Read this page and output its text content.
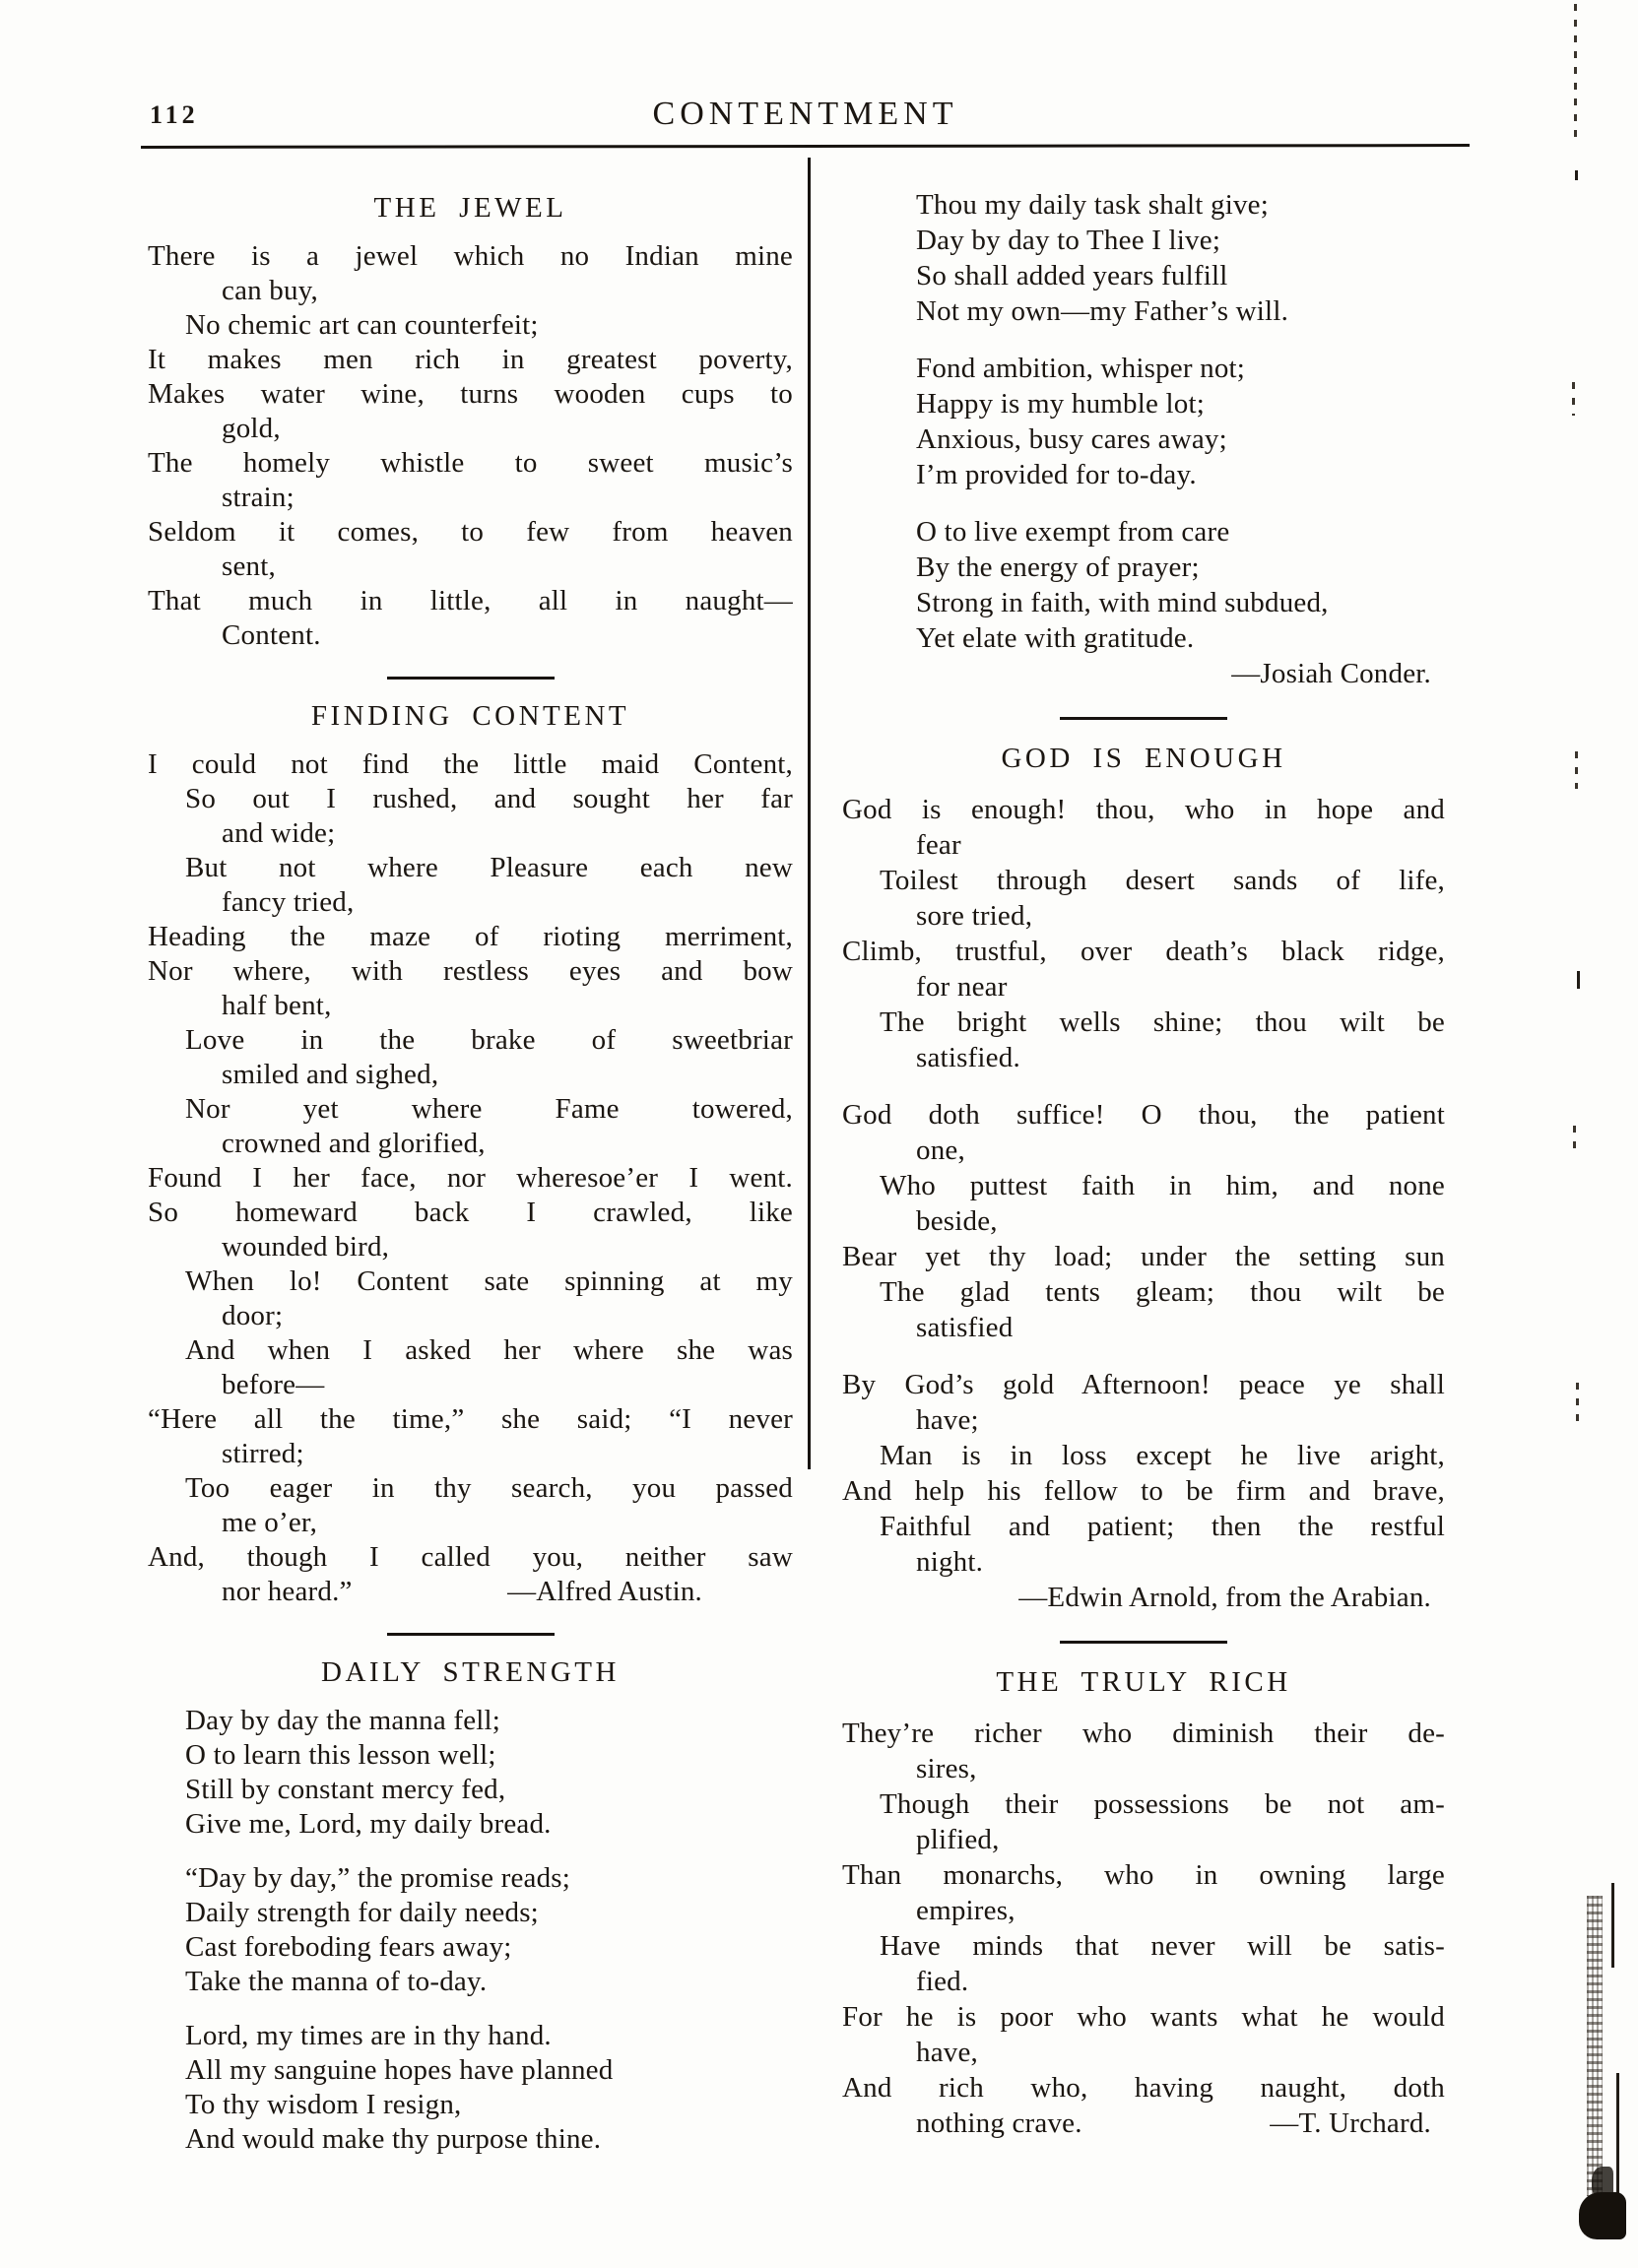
112	CONTENTMENT
THE JEWEL
There is a jewel which no Indian mine
can buy,
No chemic art can counterfeit;
It makes men rich in greatest poverty,
Makes water wine, turns wooden cups to
gold,
The homely whistle to sweet music’s
strain;
Seldom it comes, to few from heaven
sent,
That much in little, all in naught—
Content.
FINDING CONTENT
I could not find the little maid Content,
So out I rushed, and sought her far
and wide;
But not where Pleasure each new
fancy tried,
Heading the maze of rioting merriment,
Nor where, with restless eyes and bow
half bent,
Love in the brake of sweetbriar
smiled and sighed,
Nor yet where Fame towered,
crowned and glorified,
Found I her face, nor wheresoe’er I went.
So homeward back I crawled, like
wounded bird,
When lo! Content sate spinning at my
door;
And when I asked her where she was
before—
“Here all the time,” she said; “I never
stirred;
Too eager in thy search, you passed
me o’er,
And, though I called you, neither saw
nor heard.”	—Alfred Austin.
DAILY STRENGTH
Day by day the manna fell;
O to learn this lesson well;
Still by constant mercy fed,
Give me, Lord, my daily bread.
“Day by day,” the promise reads;
Daily strength for daily needs;
Cast foreboding fears away;
Take the manna of to-day.
Lord, my times are in thy hand.
All my sanguine hopes have planned
To thy wisdom I resign,
And would make thy purpose thine.
Thou my daily task shalt give;
Day by day to Thee I live;
So shall added years fulfill
Not my own—my Father’s will.
Fond ambition, whisper not;
Happy is my humble lot;
Anxious, busy cares away;
I’m provided for to-day.
O to live exempt from care
By the energy of prayer;
Strong in faith, with mind subdued,
Yet elate with gratitude.
—Josiah Conder.
GOD IS ENOUGH
God is enough! thou, who in hope and
fear
Toilest through desert sands of life,
sore tried,
Climb, trustful, over death’s black ridge,
for near
The bright wells shine; thou wilt be
satisfied.
God doth suffice! O thou, the patient
one,
Who puttest faith in him, and none
beside,
Bear yet thy load; under the setting sun
The glad tents gleam; thou wilt be
satisfied
By God’s gold Afternoon! peace ye shall
have;
Man is in loss except he live aright,
And help his fellow to be firm and brave,
Faithful and patient; then the restful
night.
—Edwin Arnold, from the Arabian.
THE TRULY RICH
They’re richer who diminish their de-
sires,
Though their possessions be not am-
plified,
Than monarchs, who in owning large
empires,
Have minds that never will be satis-
fied.
For he is poor who wants what he would
have,
And rich who, having naught, doth
nothing crave.	—T. Urchard.
